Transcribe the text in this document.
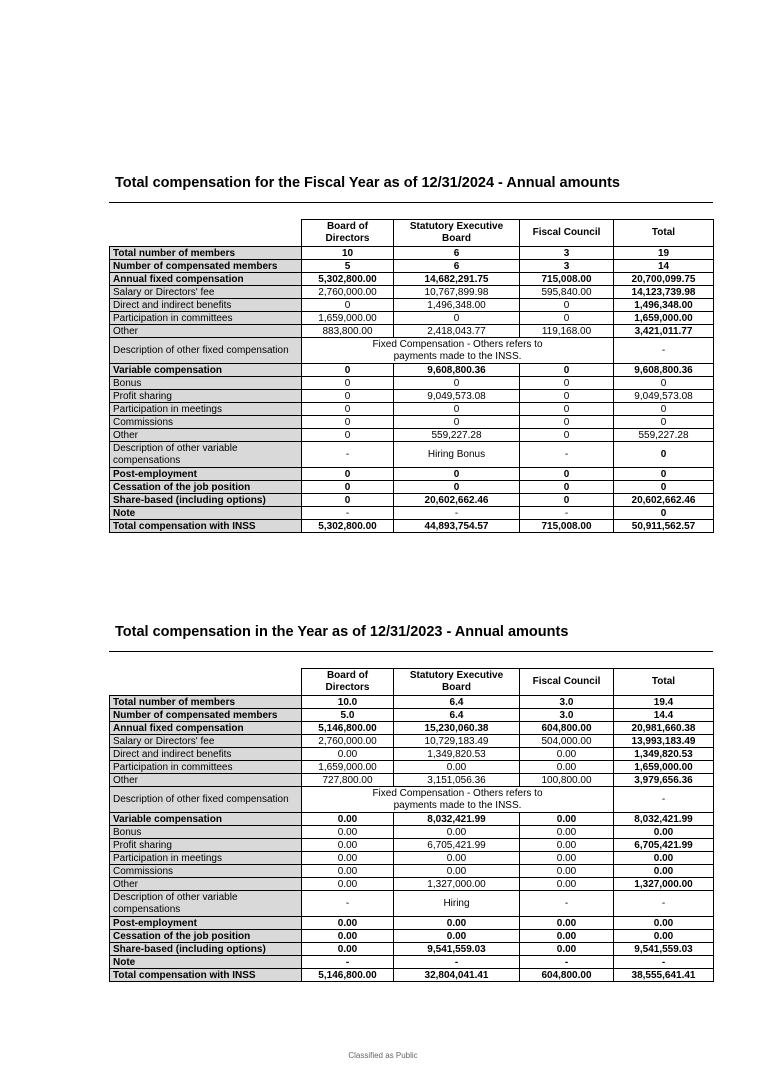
Total compensation for the Fiscal Year as of 12/31/2024 - Annual amounts
	Board of Directors	Statutory Executive Board	Fiscal Council	Total
Total number of members	10	6	3	19
Number of compensated members	5	6	3	14
Annual fixed compensation	5,302,800.00	14,682,291.75	715,008.00	20,700,099.75
Salary or Directors' fee	2,760,000.00	10,767,899.98	595,840.00	14,123,739.98
Direct and indirect benefits	0	1,496,348.00	0	1,496,348.00
Participation in committees	1,659,000.00	0	0	1,659,000.00
Other	883,800.00	2,418,043.77	119,168.00	3,421,011.77
Description of other fixed compensation	Fixed Compensation - Others refers to payments made to the INSS.			-
Variable compensation	0	9,608,800.36	0	9,608,800.36
Bonus	0	0	0	0
Profit sharing	0	9,049,573.08	0	9,049,573.08
Participation in meetings	0	0	0	0
Commissions	0	0	0	0
Other	0	559,227.28	0	559,227.28
Description of other variable compensations	-	Hiring Bonus	-	0
Post-employment	0	0	0	0
Cessation of the job position	0	0	0	0
Share-based (including options)	0	20,602,662.46	0	20,602,662.46
Note	-	-	-	0
Total compensation with INSS	5,302,800.00	44,893,754.57	715,008.00	50,911,562.57
Total compensation in the Year as of 12/31/2023 - Annual amounts
	Board of Directors	Statutory Executive Board	Fiscal Council	Total
Total number of members	10.0	6.4	3.0	19.4
Number of compensated members	5.0	6.4	3.0	14.4
Annual fixed compensation	5,146,800.00	15,230,060.38	604,800.00	20,981,660.38
Salary or Directors' fee	2,760,000.00	10,729,183.49	504,000.00	13,993,183.49
Direct and indirect benefits	0.00	1,349,820.53	0.00	1,349,820.53
Participation in committees	1,659,000.00	0.00	0.00	1,659,000.00
Other	727,800.00	3,151,056.36	100,800.00	3,979,656.36
Description of other fixed compensation	Fixed Compensation - Others refers to payments made to the INSS.			-
Variable compensation	0.00	8,032,421.99	0.00	8,032,421.99
Bonus	0.00	0.00	0.00	0.00
Profit sharing	0.00	6,705,421.99	0.00	6,705,421.99
Participation in meetings	0.00	0.00	0.00	0.00
Commissions	0.00	0.00	0.00	0.00
Other	0.00	1,327,000.00	0.00	1,327,000.00
Description of other variable compensations	-	Hiring	-	-
Post-employment	0.00	0.00	0.00	0.00
Cessation of the job position	0.00	0.00	0.00	0.00
Share-based (including options)	0.00	9,541,559.03	0.00	9,541,559.03
Note	-	-	-	-
Total compensation with INSS	5,146,800.00	32,804,041.41	604,800.00	38,555,641.41
Classified as Public
